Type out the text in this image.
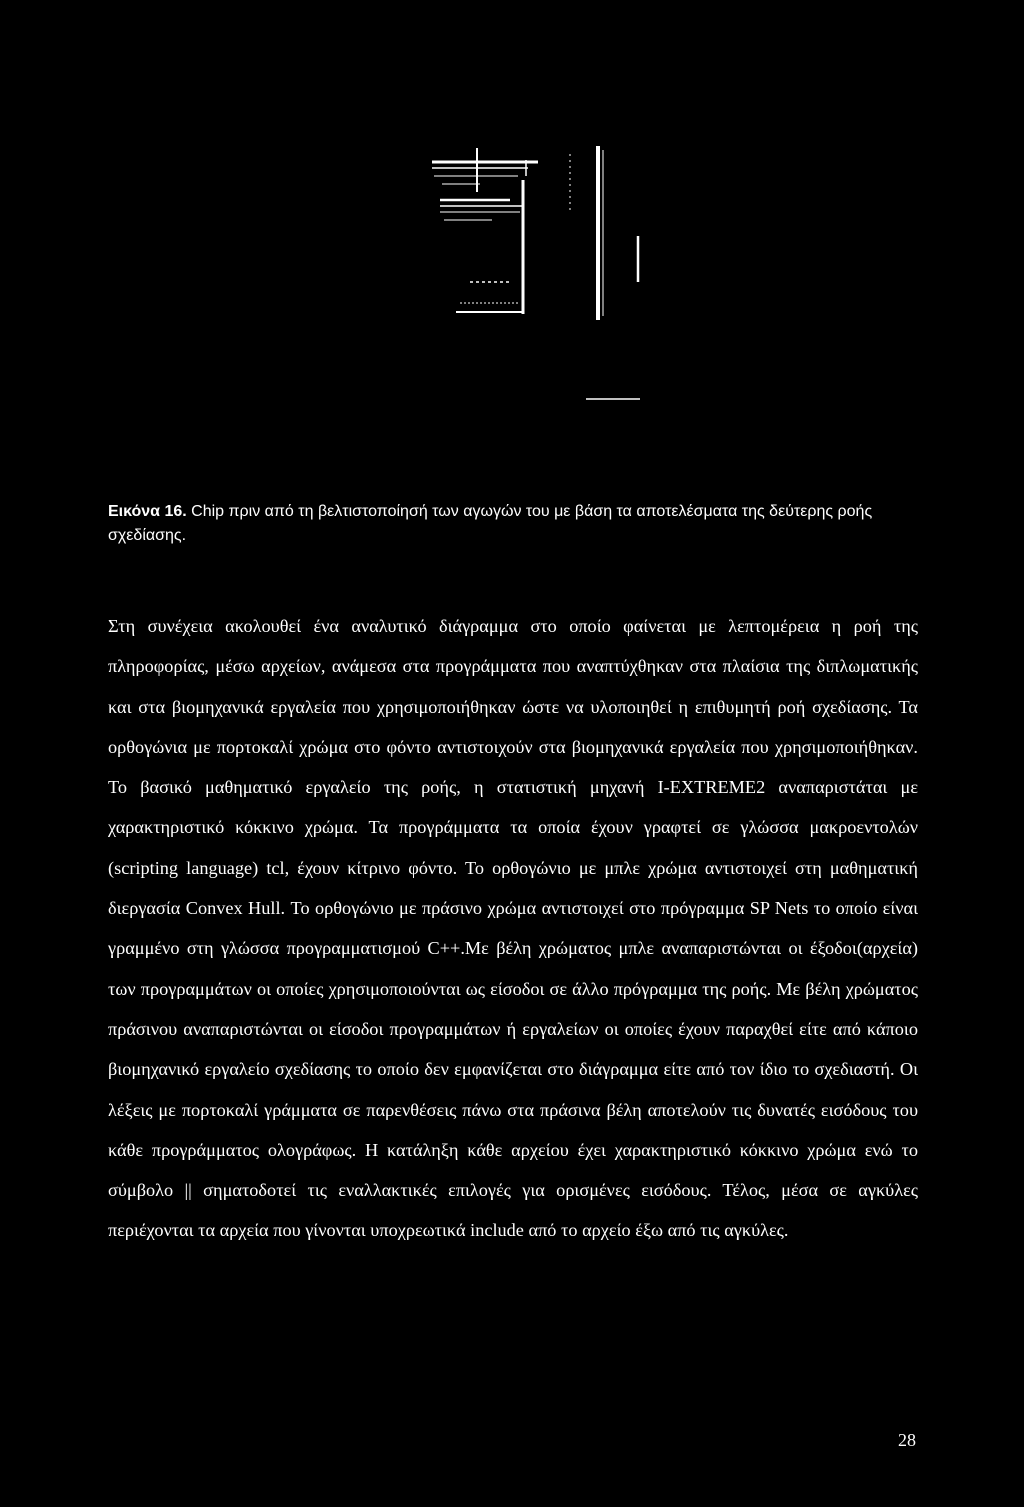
Εικόνα 16. Chip πριν από τη βελτιστοποίησή των αγωγών του με βάση τα αποτελέσματα της δεύτερης ροής σχεδίασης.

Στη συνέχεια ακολουθεί ένα αναλυτικό διάγραμμα στο οποίο φαίνεται με λεπτομέρεια η ροή της πληροφορίας, μέσω αρχείων, ανάμεσα στα προγράμματα που αναπτύχθηκαν στα πλαίσια της διπλωματικής και στα βιομηχανικά εργαλεία που χρησιμοποιήθηκαν ώστε να υλοποιηθεί η επιθυμητή ροή σχεδίασης. Τα ορθογώνια με πορτοκαλί χρώμα στο φόντο αντιστοιχούν στα βιομηχανικά εργαλεία που χρησιμοποιήθηκαν. Το βασικό μαθηματικό εργαλείο της ροής, η στατιστική μηχανή I-EXTREME2 αναπαριστάται με χαρακτηριστικό κόκκινο χρώμα. Τα προγράμματα τα οποία έχουν γραφτεί σε γλώσσα μακροεντολών (scripting language) tcl, έχουν κίτρινο φόντο. Το ορθογώνιο με μπλε χρώμα αντιστοιχεί στη μαθηματική διεργασία Convex Hull. Το ορθογώνιο με πράσινο χρώμα αντιστοιχεί στο πρόγραμμα SP Nets το οποίο είναι γραμμένο στη γλώσσα προγραμματισμού C++.Με βέλη χρώματος μπλε αναπαριστώνται οι έξοδοι(αρχεία) των προγραμμάτων οι οποίες χρησιμοποιούνται ως είσοδοι σε άλλο πρόγραμμα της ροής. Με βέλη χρώματος πράσινου αναπαριστώνται οι είσοδοι προγραμμάτων ή εργαλείων οι οποίες έχουν παραχθεί είτε από κάποιο βιομηχανικό εργαλείο σχεδίασης το οποίο δεν εμφανίζεται στο διάγραμμα είτε από τον ίδιο το σχεδιαστή. Οι λέξεις με πορτοκαλί γράμματα σε παρενθέσεις πάνω στα πράσινα βέλη αποτελούν τις δυνατές εισόδους του κάθε προγράμματος ολογράφως. Η κατάληξη κάθε αρχείου έχει χαρακτηριστικό κόκκινο χρώμα ενώ το σύμβολο || σηματοδοτεί τις εναλλακτικές επιλογές για ορισμένες εισόδους. Τέλος, μέσα σε αγκύλες περιέχονται τα αρχεία που γίνονται υποχρεωτικά include από το αρχείο έξω από τις αγκύλες.

28
